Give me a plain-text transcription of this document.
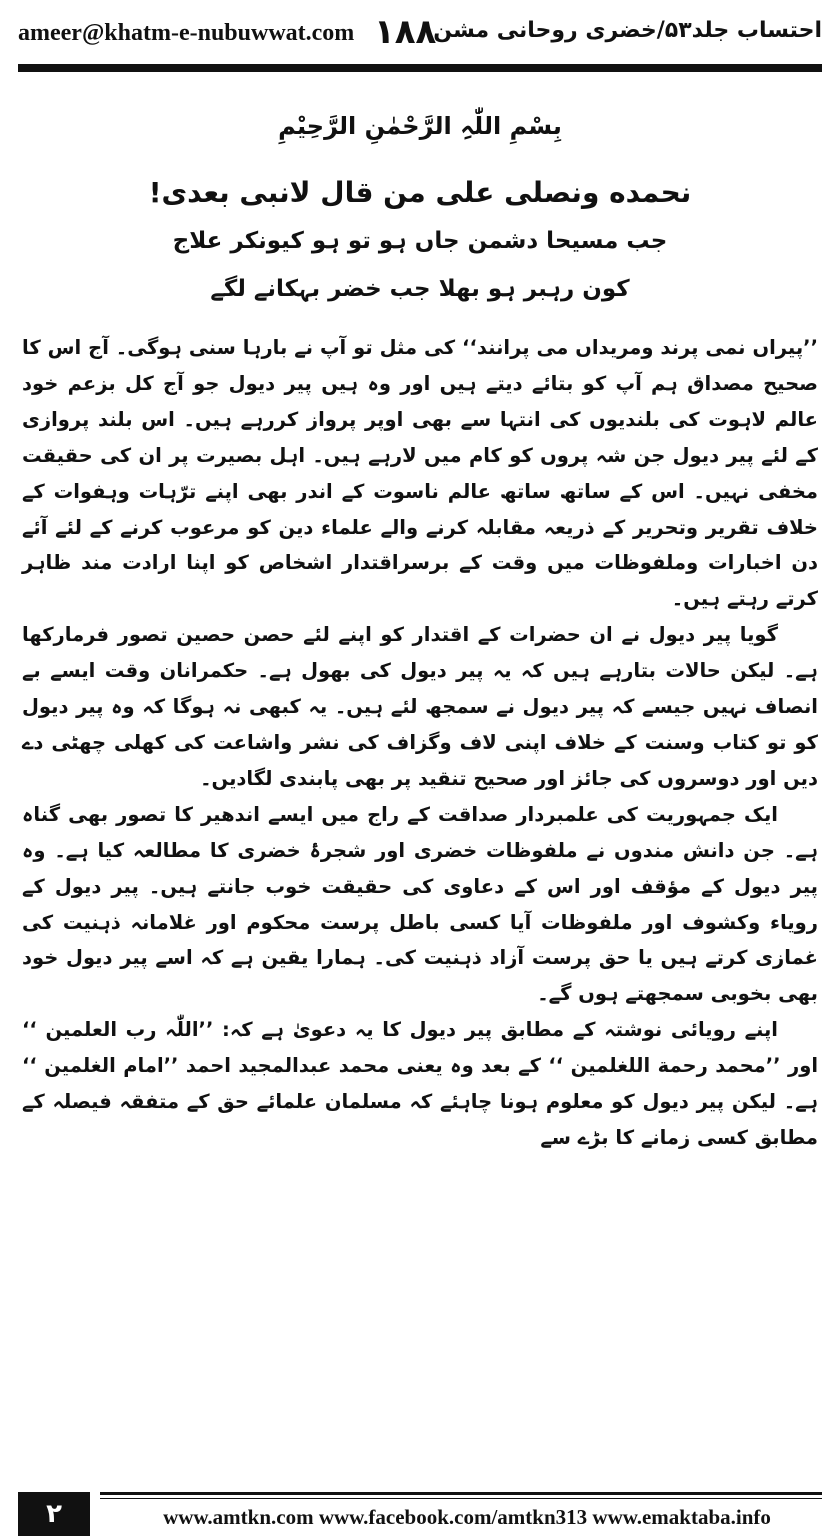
ameer@khatm-e-nubuwwat.com ۱۸۸
احتساب جلد۵۳/خضری روحانی مشن
بِسْمِ اللّٰہِ الرَّحْمٰنِ الرَّحِیْمِ
نحمده ونصلی علی من قال لانبی بعدی!
جب مسیحا دشمن جاں ہو تو ہو کیونکر علاج
کون رہبر ہو بھلا جب خضر بہکانے لگے

’’پیراں نمی پرند ومریداں می پرانند‘‘ کی مثل تو آپ نے بارہا سنی ہوگی۔ آج اس کا صحیح مصداق ہم آپ کو بتائے دیتے ہیں اور وہ ہیں پیر دیول جو آج کل بزعم خود عالم لاہوت کی بلندیوں کی انتہا سے بھی اوپر پرواز کررہے ہیں۔ اس بلند پروازی کے لئے پیر دیول جن شہ پروں کو کام میں لارہے ہیں۔ اہل بصیرت پر ان کی حقیقت مخفی نہیں۔ اس کے ساتھ ساتھ عالم ناسوت کے اندر بھی اپنے ترّہات وہفوات کے خلاف تقریر وتحریر کے ذریعہ مقابلہ کرنے والے علماء دین کو مرعوب کرنے کے لئے آئے دن اخبارات وملفوظات میں وقت کے برسراقتدار اشخاص کو اپنا ارادت مند ظاہر کرتے رہتے ہیں۔

گویا پیر دیول نے ان حضرات کے اقتدار کو اپنے لئے حصن حصین تصور فرمارکھا ہے۔ لیکن حالات بتارہے ہیں کہ یہ پیر دیول کی بھول ہے۔ حکمرانان وقت ایسے بے انصاف نہیں جیسے کہ پیر دیول نے سمجھ لئے ہیں۔ یہ کبھی نہ ہوگا کہ وہ پیر دیول کو تو کتاب وسنت کے خلاف اپنی لاف وگزاف کی نشر واشاعت کی کھلی چھٹی دے دیں اور دوسروں کی جائز اور صحیح تنقید پر بھی پابندی لگادیں۔

ایک جمہوریت کی علمبردار صداقت کے راج میں ایسے اندھیر کا تصور بھی گناہ ہے۔ جن دانش مندوں نے ملفوظات خضری اور شجرۂ خضری کا مطالعہ کیا ہے۔ وہ پیر دیول کے مؤقف اور اس کے دعاوی کی حقیقت خوب جانتے ہیں۔ پیر دیول کے رویاء وکشوف اور ملفوظات آیا کسی باطل پرست محکوم اور غلامانہ ذہنیت کی غمازی کرتے ہیں یا حق پرست آزاد ذہنیت کی۔ ہمارا یقین ہے کہ اسے پیر دیول خود بھی بخوبی سمجھتے ہوں گے۔

اپنے رویائی نوشتہ کے مطابق پیر دیول کا یہ دعویٰ ہے کہ: ’’اللّٰہ رب العلمین ‘‘ اور ’’محمد رحمة اللغلمین ‘‘ کے بعد وہ یعنی محمد عبدالمجید احمد ’’امام الغلمین ‘‘ ہے۔ لیکن پیر دیول کو معلوم ہونا چاہئے کہ مسلمان علمائے حق کے متفقہ فیصلہ کے مطابق کسی زمانے کا بڑے سے

۲	www.amtkn.com www.facebook.com/amtkn313 www.emaktaba.info
